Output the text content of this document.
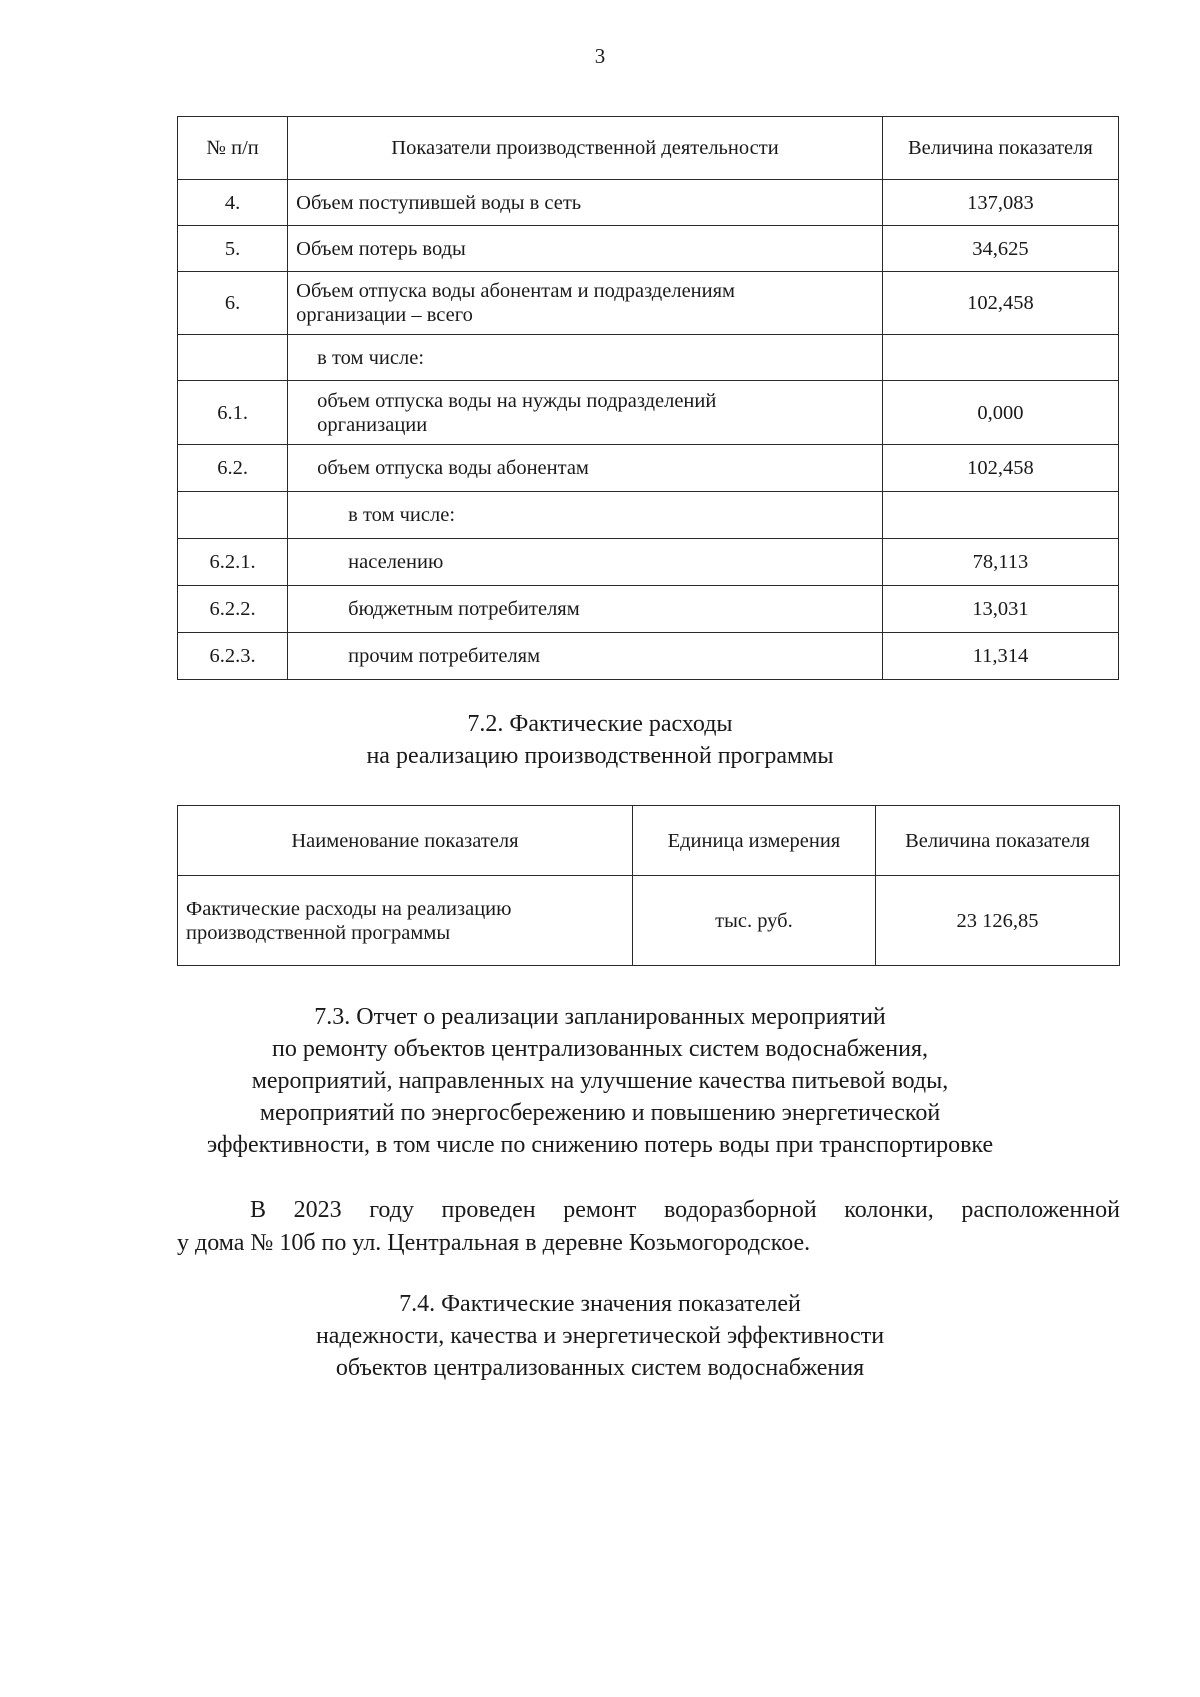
3
№ п/п	Показатели производственной деятельности	Величина показателя
4.	Объем поступившей воды в сеть	137,083
5.	Объем потерь воды	34,625
6.	Объем отпуска воды абонентам и подразделениям
организации – всего	102,458
	в том числе:	
6.1.	объем отпуска воды на нужды подразделений
организации	0,000
6.2.	объем отпуска воды абонентам	102,458
	в том числе:	
6.2.1.	населению	78,113
6.2.2.	бюджетным потребителям	13,031
6.2.3.	прочим потребителям	11,314
7.2. Фактические расходы
на реализацию производственной программы
Наименование показателя	Единица измерения	Величина показателя

Фактические расходы на реализацию
производственной программы	тыс. руб.	23 126,85
7.3. Отчет о реализации запланированных мероприятий
по ремонту объектов централизованных систем водоснабжения,
мероприятий, направленных на улучшение качества питьевой воды,
мероприятий по энергосбережению и повышению энергетической
эффективности, в том числе по снижению потерь воды при транспортировке
В 2023 году проведен ремонт водоразборной колонки, расположенной
у дома № 10б по ул. Центральная в деревне Козьмогородское.
7.4. Фактические значения показателей
надежности, качества и энергетической эффективности
объектов централизованных систем водоснабжения
